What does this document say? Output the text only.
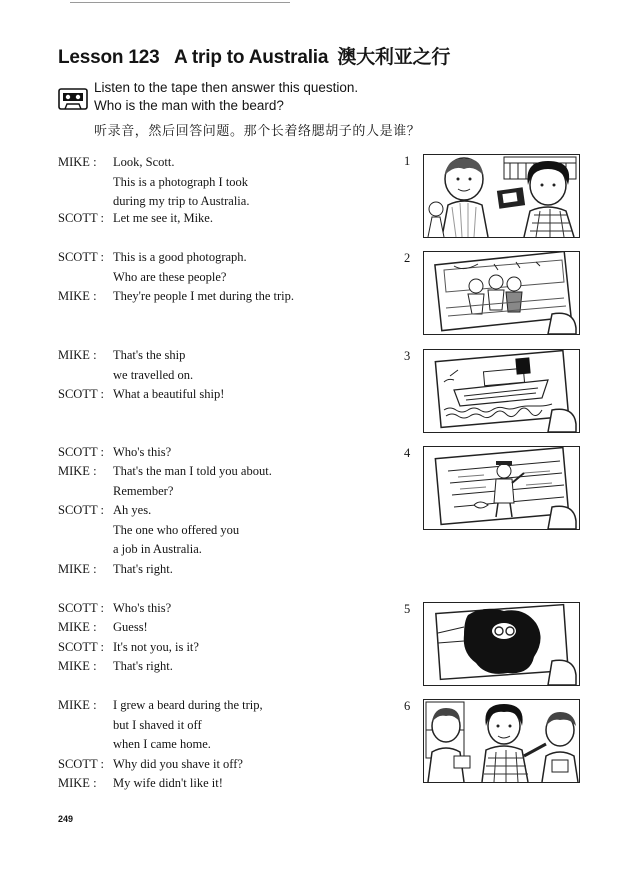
Lesson 123   A trip to Australia 澳大利亚之行
Listen to the tape then answer this question.
Who is the man with the beard?
听录音，然后回答问题。那个长着络腮胡子的人是谁？
MIKE :	Look, Scott.
This is a photograph I took
during my trip to Australia.
SCOTT : Let me see it, Mike.
SCOTT : This is a good photograph.
Who are these people?
MIKE :	They're people I met during the trip.
MIKE :	That's the ship
we travelled on.
SCOTT : What a beautiful ship!
SCOTT : Who's this?
MIKE :	That's the man I told you about.
Remember?
SCOTT : Ah yes.
The one who offered you
a job in Australia.
MIKE :	That's right.
SCOTT : Who's this?
MIKE :	Guess!
SCOTT : It's not you, is it?
MIKE :	That's right.
MIKE :	I grew a beard during the trip,
but I shaved it off
when I came home.
SCOTT : Why did you shave it off?
MIKE :	My wife didn't like it!
1
2
3
4
5
6
249
